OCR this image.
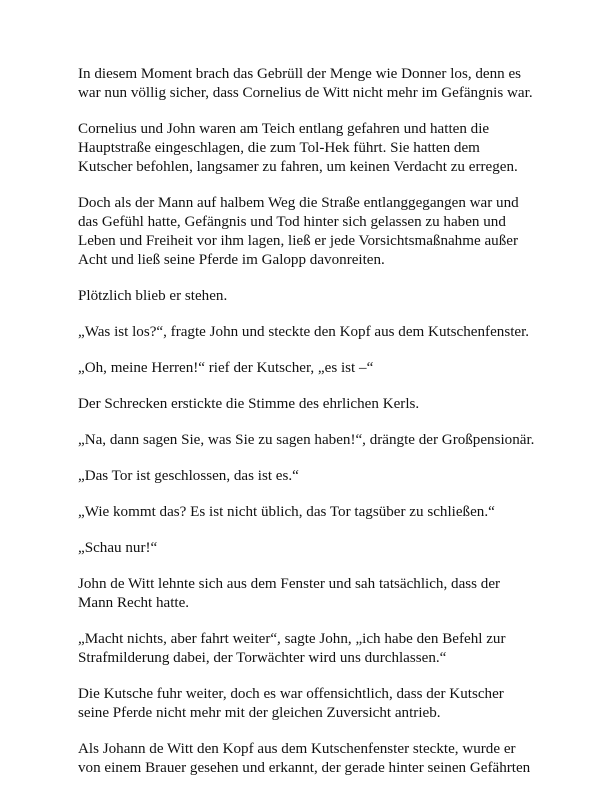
In diesem Moment brach das Gebrüll der Menge wie Donner los, denn es war nun völlig sicher, dass Cornelius de Witt nicht mehr im Gefängnis war.

Cornelius und John waren am Teich entlang gefahren und hatten die Hauptstraße eingeschlagen, die zum Tol-Hek führt. Sie hatten dem Kutscher befohlen, langsamer zu fahren, um keinen Verdacht zu erregen.

Doch als der Mann auf halbem Weg die Straße entlanggegangen war und das Gefühl hatte, Gefängnis und Tod hinter sich gelassen zu haben und Leben und Freiheit vor ihm lagen, ließ er jede Vorsichtsmaßnahme außer Acht und ließ seine Pferde im Galopp davonreiten.

Plötzlich blieb er stehen.

„Was ist los?“, fragte John und steckte den Kopf aus dem Kutschenfenster.

„Oh, meine Herren!“ rief der Kutscher, „es ist –“

Der Schrecken erstickte die Stimme des ehrlichen Kerls.

„Na, dann sagen Sie, was Sie zu sagen haben!“, drängte der Großpensionär.

„Das Tor ist geschlossen, das ist es.“

„Wie kommt das? Es ist nicht üblich, das Tor tagsüber zu schließen.“

„Schau nur!“

John de Witt lehnte sich aus dem Fenster und sah tatsächlich, dass der Mann Recht hatte.

„Macht nichts, aber fahrt weiter“, sagte John, „ich habe den Befehl zur Strafmilderung dabei, der Torwächter wird uns durchlassen.“

Die Kutsche fuhr weiter, doch es war offensichtlich, dass der Kutscher seine Pferde nicht mehr mit der gleichen Zuversicht antrieb.

Als Johann de Witt den Kopf aus dem Kutschenfenster steckte, wurde er von einem Brauer gesehen und erkannt, der gerade hinter seinen Gefährten
